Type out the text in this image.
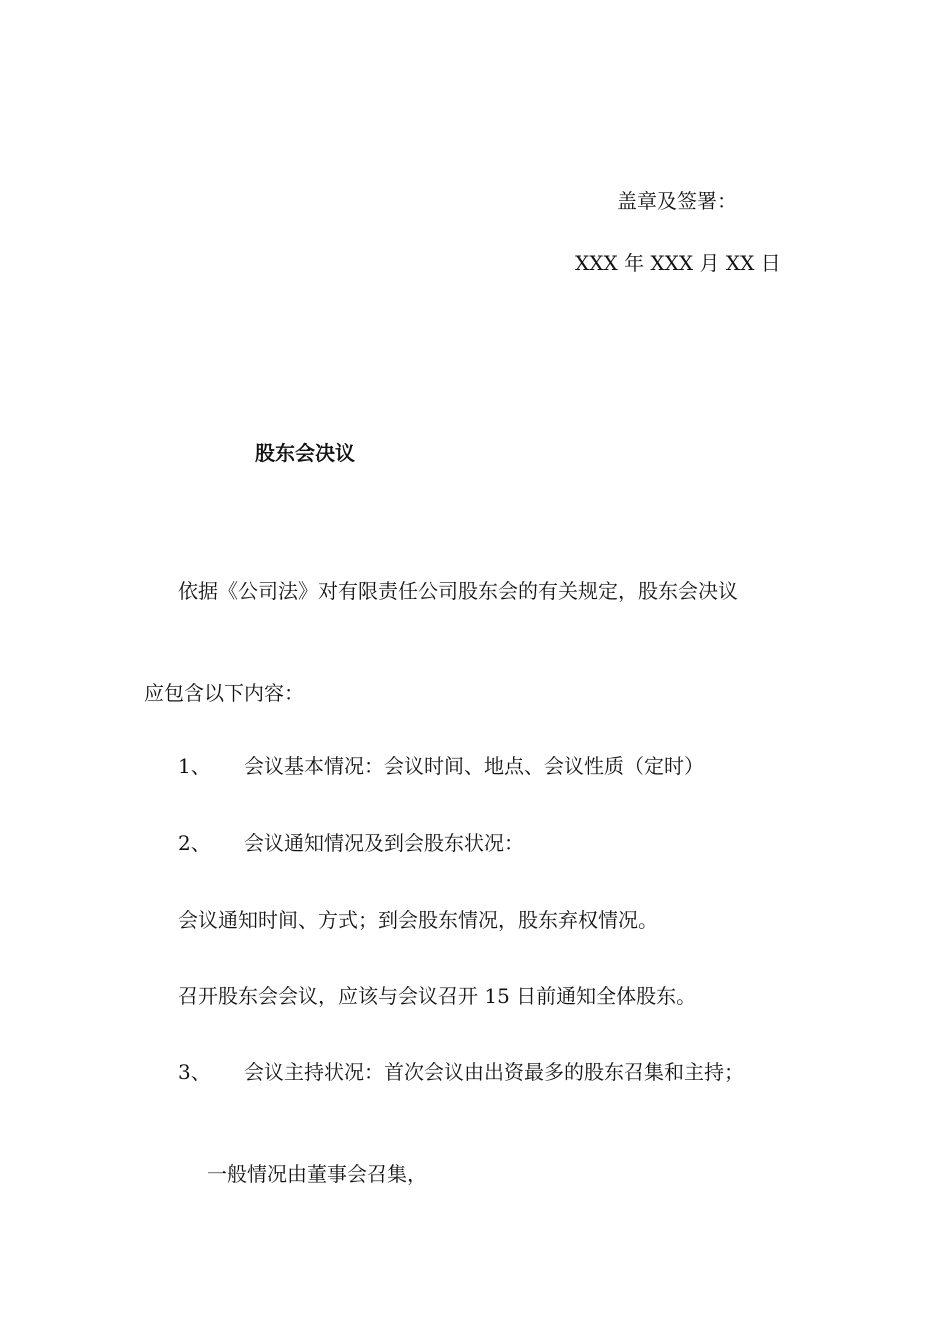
盖章及签署：
XXX 年 XXX 月 XX 日
股东会决议
依据《公司法》对有限责任公司股东会的有关规定，股东会决议
应包含以下内容：
1、 会议基本情况：会议时间、地点、会议性质（定时）
2、 会议通知情况及到会股东状况：
会议通知时间、方式；到会股东情况，股东弃权情况。
召开股东会会议，应该与会议召开 15 日前通知全体股东。
3、 会议主持状况：首次会议由出资最多的股东召集和主持；
一般情况由董事会召集，
